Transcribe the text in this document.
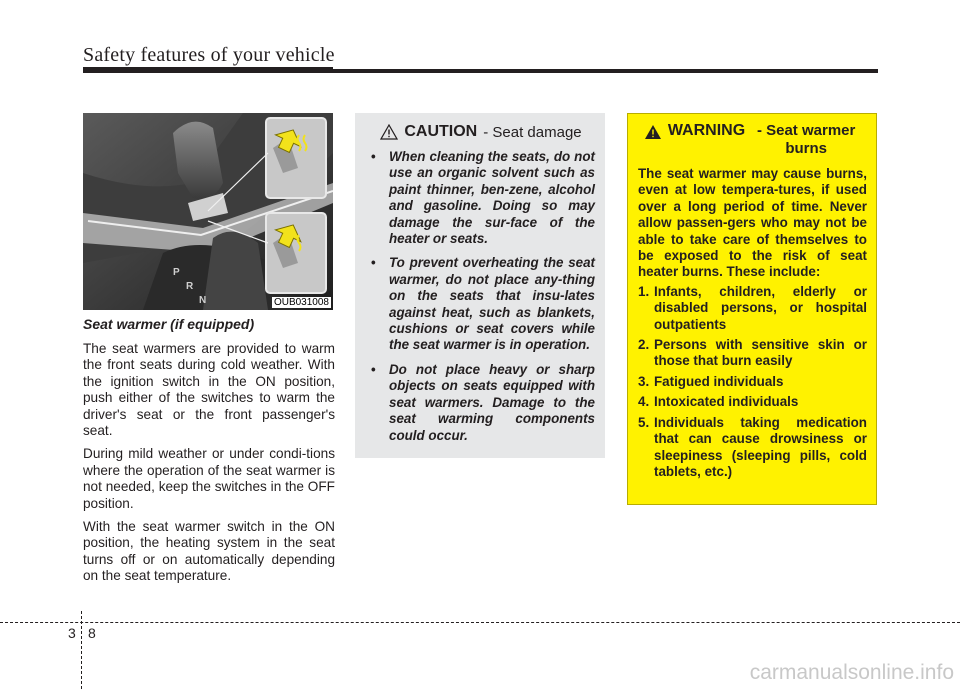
Safety features of your vehicle
P
R
N	OUB031008
Seat warmer (if equipped)

The seat warmers are provided to warm the front seats during cold weather. With the ignition switch in the ON position, push either of the switches to warm the driver's seat or the front passenger's seat.

During mild weather or under condi-tions where the operation of the seat warmer is not needed, keep the switches in the OFF position.

With the seat warmer switch in the ON position, the heating system in the seat turns off or on automatically depending on the seat temperature.

CAUTION - Seat damage
• When cleaning the seats, do not use an organic solvent such as paint thinner, ben-zene, alcohol and gasoline. Doing so may damage the sur-face of the heater or seats.
• To prevent overheating the seat warmer, do not place any-thing on the seats that insu-lates against heat, such as blankets, cushions or seat covers while the seat warmer is in operation.
• Do not place heavy or sharp objects on seats equipped with seat warmers. Damage to the seat warming components could occur.
WARNING - Seat warmer burns

The seat warmer may cause burns, even at low tempera-tures, if used over a long period of time. Never allow passen-gers who may not be able to take care of themselves to be exposed to the risk of seat heater burns. These include:

1. Infants, children, elderly or disabled persons, or hospital outpatients
2. Persons with sensitive skin or those that burn easily
3. Fatigued individuals
4. Intoxicated individuals
5. Individuals taking medication that can cause drowsiness or sleepiness (sleeping pills, cold tablets, etc.)
3 8
carmanualsonline.info
